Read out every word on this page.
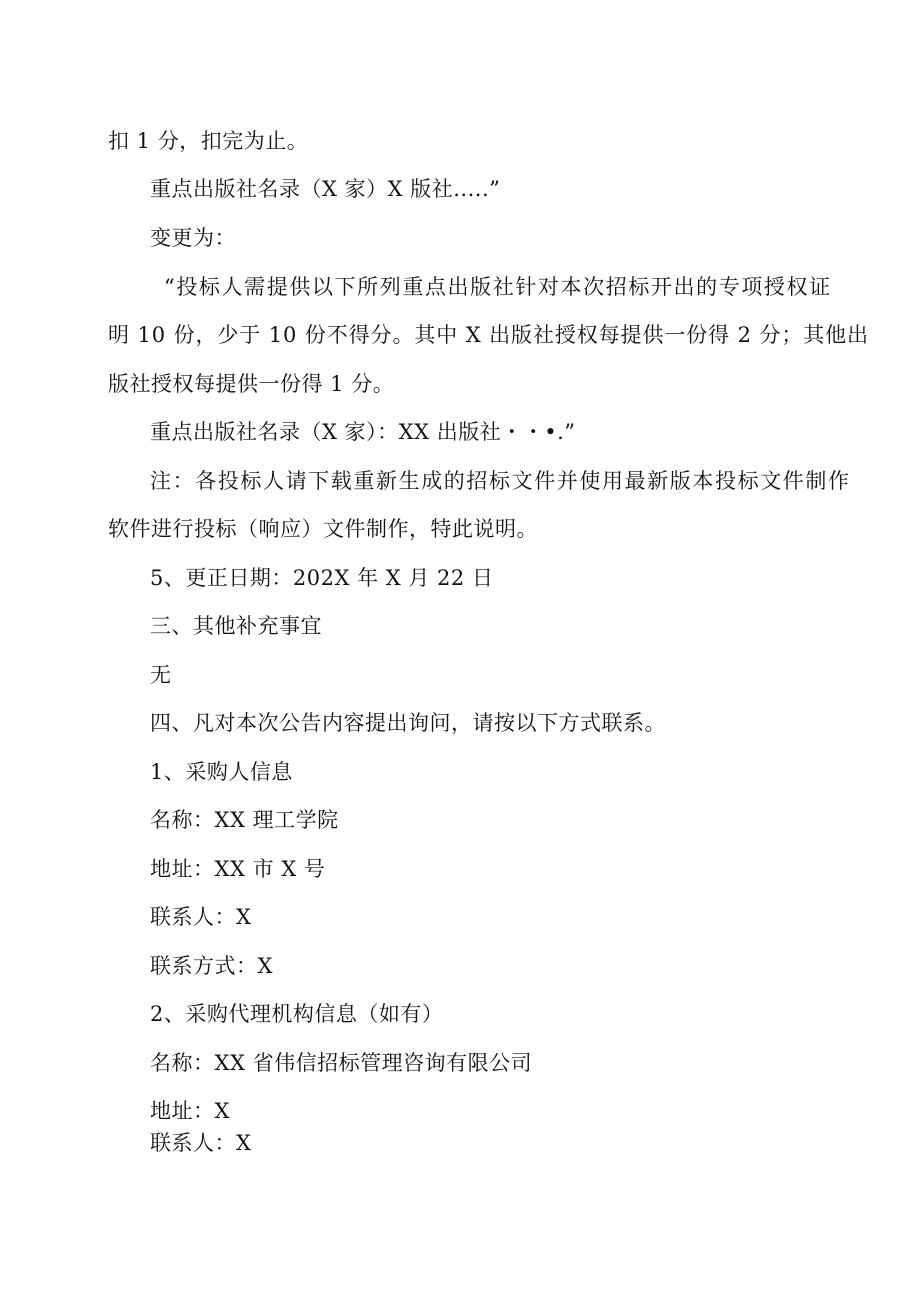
扣 1 分，扣完为止。
重点出版社名录（X 家）X 版社.....”
变更为：
“投标人需提供以下所列重点出版社针对本次招标开出的专项授权证
明 10 份，少于 10 份不得分。其中 X 出版社授权每提供一份得 2 分；其他出
版社授权每提供一份得 1 分。
重点出版社名录（X 家）：XX 出版社・・•.”
注：各投标人请下载重新生成的招标文件并使用最新版本投标文件制作
软件进行投标（响应）文件制作，特此说明。
5、更正日期：202X 年 X 月 22 日
三、其他补充事宜
无
四、凡对本次公告内容提出询问，请按以下方式联系。
1、采购人信息
名称：XX 理工学院
地址：XX 市 X 号
联系人：X
联系方式：X
2、采购代理机构信息（如有）
名称：XX 省伟信招标管理咨询有限公司
地址：X
联系人：X
